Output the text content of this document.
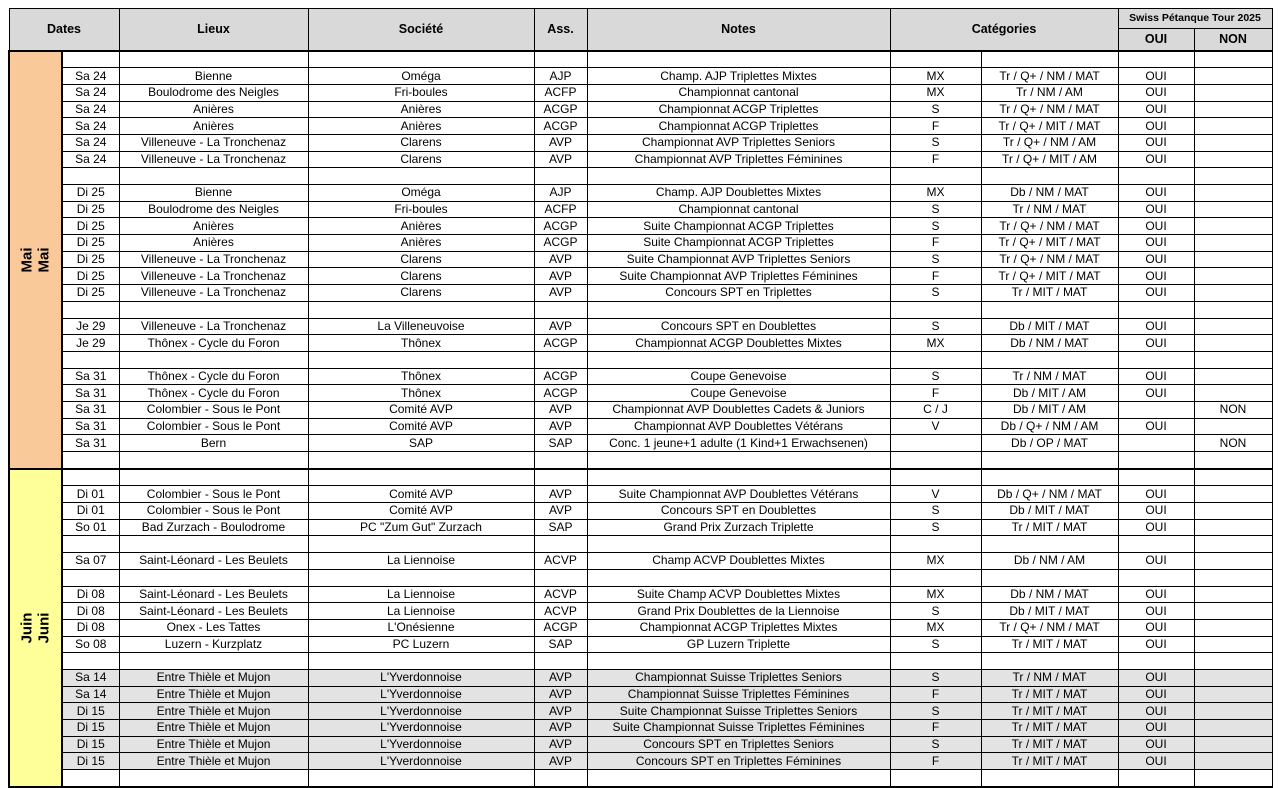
Dates		Lieux	Société	Ass.	Notes	Catégories		Swiss Pétanque Tour 2025	
								OUI	NON

Mai Mai									

	Sa 24	Bienne	Oméga	AJP	Champ. AJP Triplettes Mixtes	MX	Tr / Q+ / NM / MAT	OUI	
	Sa 24	Boulodrome des Neigles	Fri-boules	ACFP	Championnat cantonal	MX	Tr / NM / AM	OUI	
	Sa 24	Anières	Anières	ACGP	Championnat ACGP Triplettes	S	Tr / Q+ / NM / MAT	OUI	
	Sa 24	Anières	Anières	ACGP	Championnat ACGP Triplettes	F	Tr / Q+ / MIT / MAT	OUI	
	Sa 24	Villeneuve - La Tronchenaz	Clarens	AVP	Championnat AVP Triplettes Seniors	S	Tr / Q+ / NM / AM	OUI	
	Sa 24	Villeneuve - La Tronchenaz	Clarens	AVP	Championnat AVP Triplettes Féminines	F	Tr / Q+ / MIT / AM	OUI	

	Di 25	Bienne	Oméga	AJP	Champ. AJP Doublettes Mixtes	MX	Db / NM / MAT	OUI	
	Di 25	Boulodrome des Neigles	Fri-boules	ACFP	Championnat cantonal	S	Tr / NM / MAT	OUI	
	Di 25	Anières	Anières	ACGP	Suite Championnat ACGP Triplettes	S	Tr / Q+ / NM / MAT	OUI	
	Di 25	Anières	Anières	ACGP	Suite Championnat ACGP Triplettes	F	Tr / Q+ / MIT / MAT	OUI	
	Di 25	Villeneuve - La Tronchenaz	Clarens	AVP	Suite Championnat AVP Triplettes Seniors	S	Tr / Q+ / NM / MAT	OUI	
	Di 25	Villeneuve - La Tronchenaz	Clarens	AVP	Suite Championnat AVP Triplettes Féminines	F	Tr / Q+ / MIT / MAT	OUI	
	Di 25	Villeneuve - La Tronchenaz	Clarens	AVP	Concours SPT en Triplettes	S	Tr / MIT / MAT	OUI	

	Je 29	Villeneuve - La Tronchenaz	La Villeneuvoise	AVP	Concours SPT en Doublettes	S	Db / MIT / MAT	OUI	
	Je 29	Thônex - Cycle du Foron	Thônex	ACGP	Championnat ACGP Doublettes Mixtes	MX	Db / NM / MAT	OUI	

	Sa 31	Thônex - Cycle du Foron	Thônex	ACGP	Coupe Genevoise	S	Tr / NM / MAT	OUI	
	Sa 31	Thônex - Cycle du Foron	Thônex	ACGP	Coupe Genevoise	F	Db / MIT / AM	OUI	
	Sa 31	Colombier - Sous le Pont	Comité AVP	AVP	Championnat AVP Doublettes Cadets & Juniors	C / J	Db / MIT / AM		NON
	Sa 31	Colombier - Sous le Pont	Comité AVP	AVP	Championnat AVP Doublettes Vétérans	V	Db / Q+ / NM / AM	OUI	
	Sa 31	Bern	SAP	SAP	Conc. 1 jeune+1 adulte (1 Kind+1 Erwachsenen)		Db / OP / MAT		NON

Juin Juni									

	Di 01	Colombier - Sous le Pont	Comité AVP	AVP	Suite Championnat AVP Doublettes Vétérans	V	Db / Q+ / NM / MAT	OUI	
	Di 01	Colombier - Sous le Pont	Comité AVP	AVP	Concours SPT en Doublettes	S	Db / MIT / MAT	OUI	
	So 01	Bad Zurzach - Boulodrome	PC "Zum Gut" Zurzach	SAP	Grand Prix Zurzach Triplette	S	Tr / MIT / MAT	OUI	

	Sa 07	Saint-Léonard - Les Beulets	La Liennoise	ACVP	Champ ACVP Doublettes Mixtes	MX	Db / NM / AM	OUI	

	Di 08	Saint-Léonard - Les Beulets	La Liennoise	ACVP	Suite Champ ACVP Doublettes Mixtes	MX	Db / NM / MAT	OUI	
	Di 08	Saint-Léonard - Les Beulets	La Liennoise	ACVP	Grand Prix Doublettes de la Liennoise	S	Db / MIT / MAT	OUI	
	Di 08	Onex - Les Tattes	L'Onésienne	ACGP	Championnat ACGP Triplettes Mixtes	MX	Tr / Q+ / NM / MAT	OUI	
	So 08	Luzern - Kurzplatz	PC Luzern	SAP	GP Luzern Triplette	S	Tr / MIT / MAT	OUI	

	Sa 14	Entre Thièle et Mujon	L'Yverdonnoise	AVP	Championnat Suisse Triplettes Seniors	S	Tr / NM / MAT	OUI	
	Sa 14	Entre Thièle et Mujon	L'Yverdonnoise	AVP	Championnat Suisse Triplettes Féminines	F	Tr / MIT / MAT	OUI	
	Di 15	Entre Thièle et Mujon	L'Yverdonnoise	AVP	Suite Championnat Suisse Triplettes Seniors	S	Tr / MIT / MAT	OUI	
	Di 15	Entre Thièle et Mujon	L'Yverdonnoise	AVP	Suite Championnat Suisse Triplettes Féminines	F	Tr / MIT / MAT	OUI	
	Di 15	Entre Thièle et Mujon	L'Yverdonnoise	AVP	Concours SPT en Triplettes Seniors	S	Tr / MIT / MAT	OUI	
	Di 15	Entre Thièle et Mujon	L'Yverdonnoise	AVP	Concours SPT en Triplettes Féminines	F	Tr / MIT / MAT	OUI	
